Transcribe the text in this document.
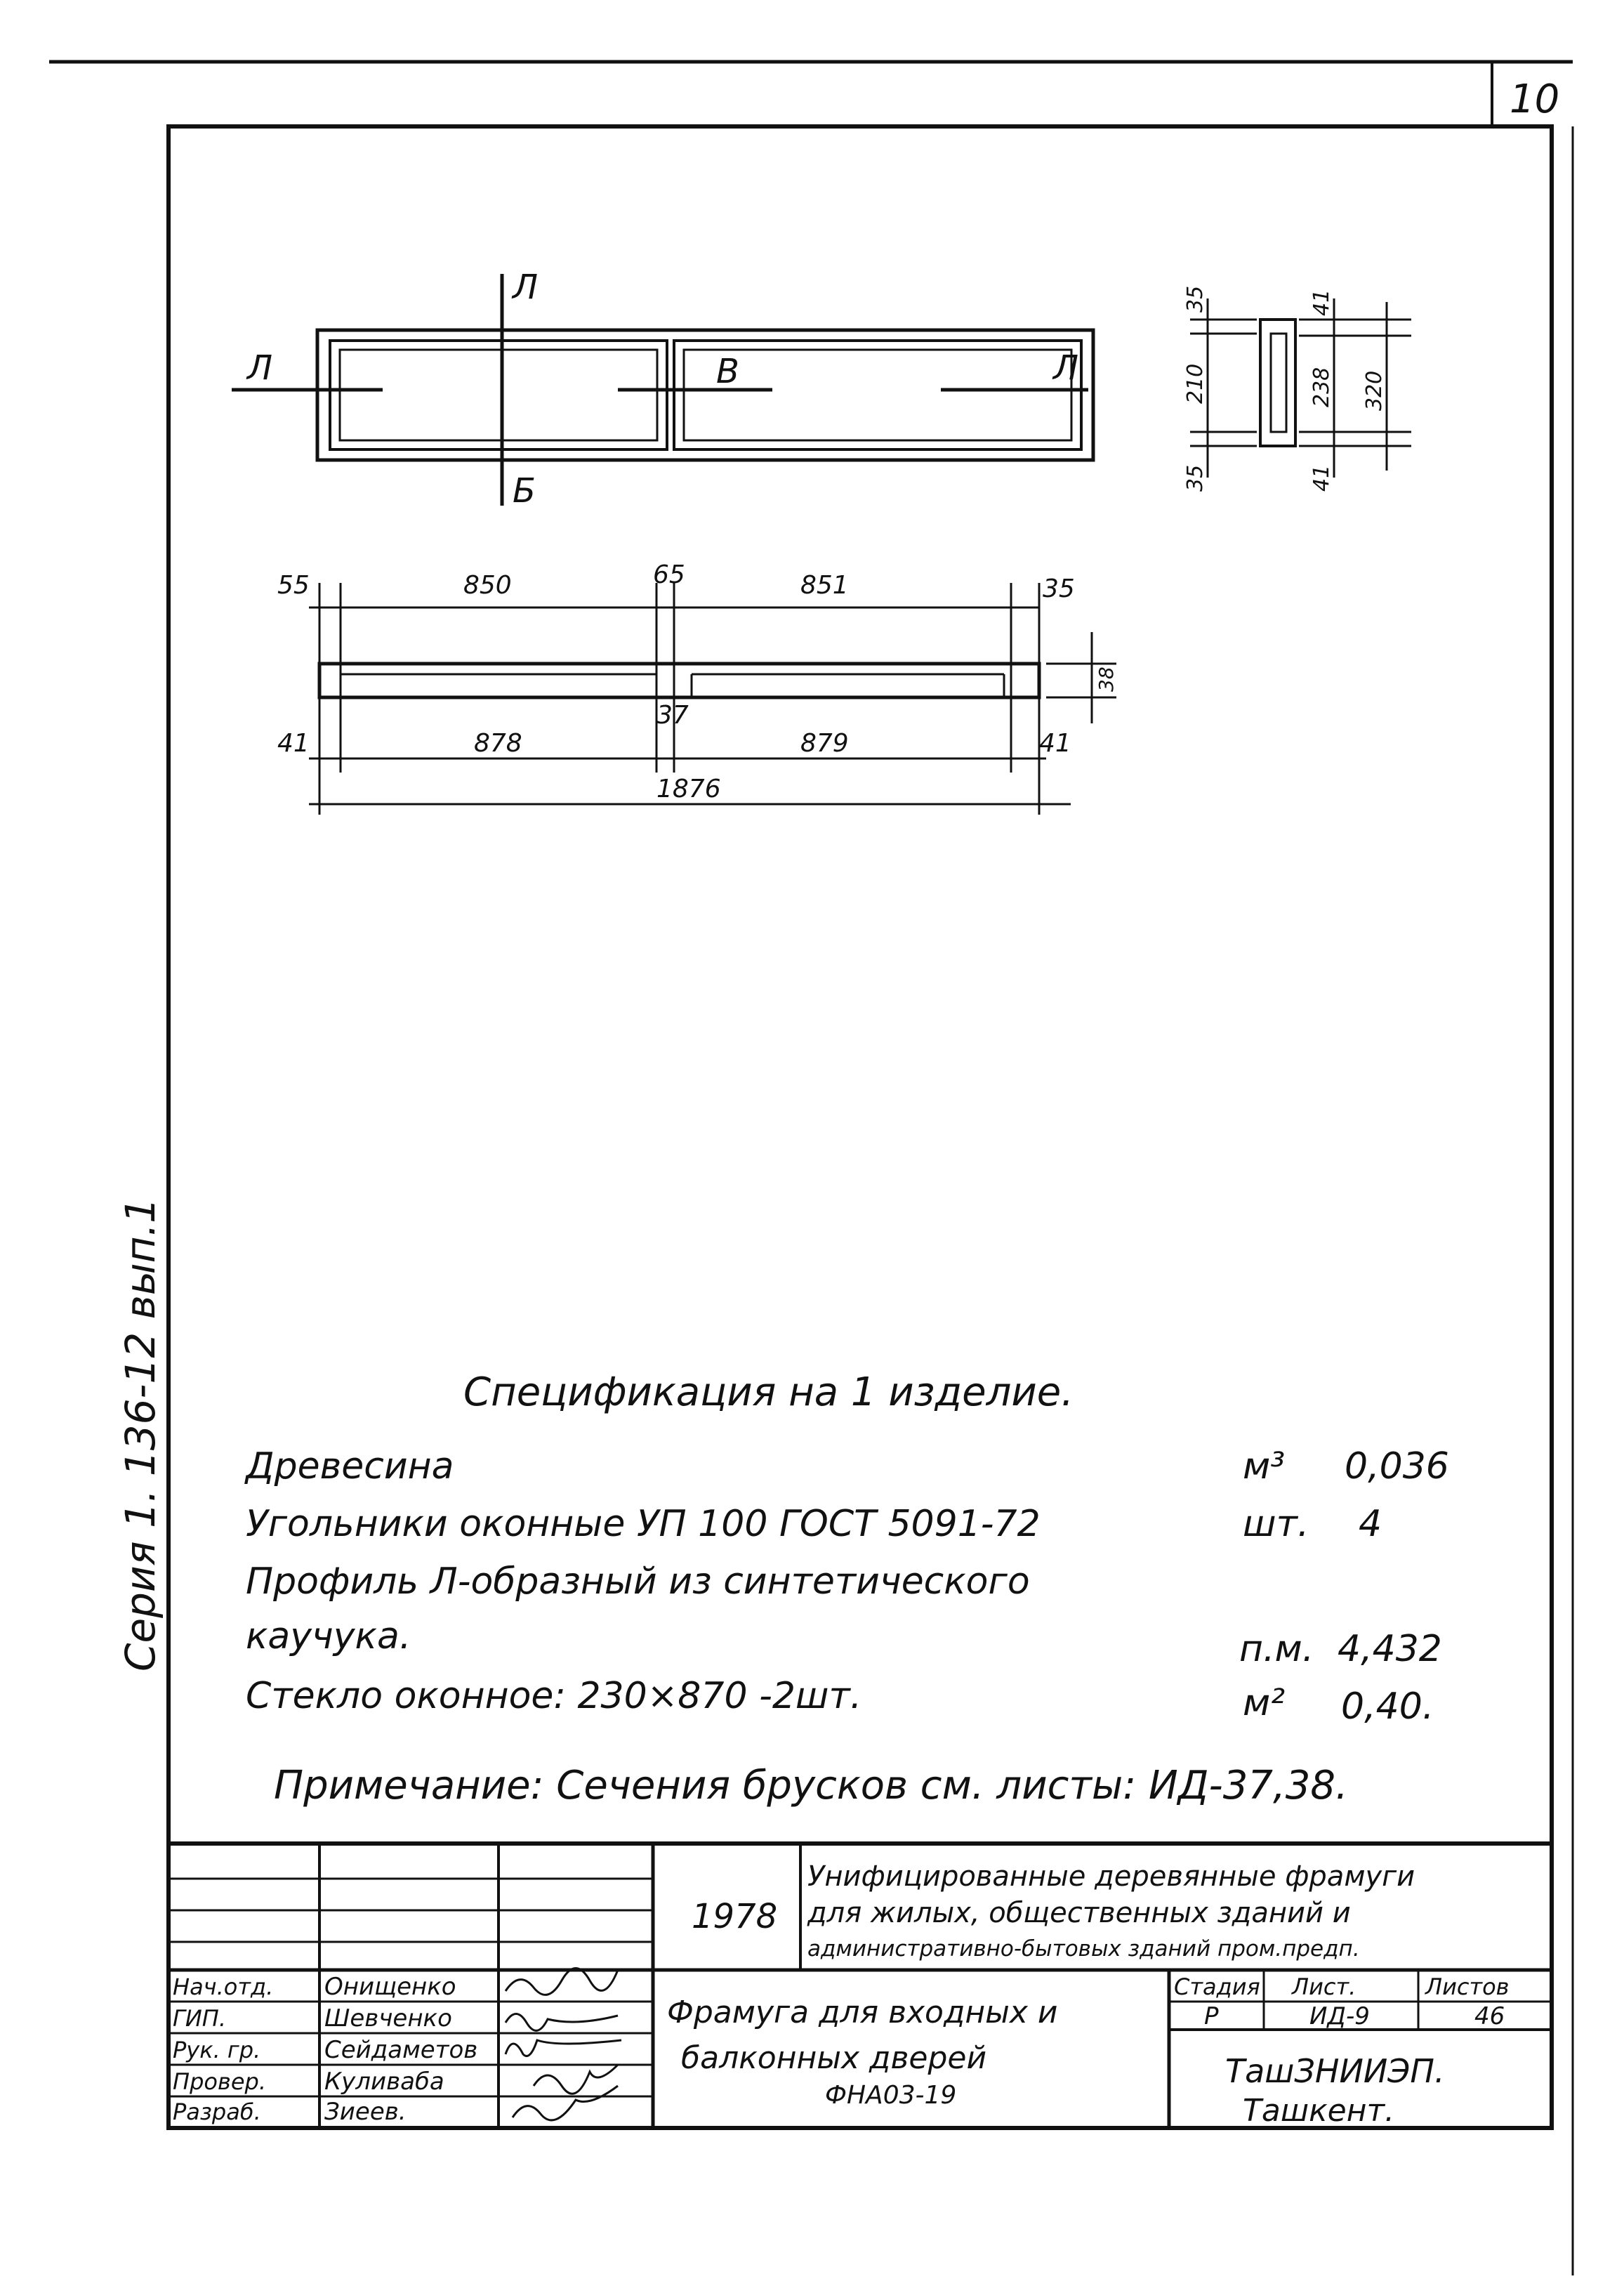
10
Серия 1. 136-12 вып.1
Л	Л
Л
Б
В
35
210
35
41
238 320
41
55	850	65	851	35
38
41	878
37
879	41
1876
1978
Унифицированные деревянные фрамуги
для жилых, общественных зданий и
административно-бытовых зданий пром.предп.
Нач.отд. Онищенко
ГИП.	Шевченко
Рук. гр.	Сейдаметов
Провер. Куливаба
Разраб.	Зиеев.
Фрамуга для входных и
балконных дверей
ФНА03-19
Стадия Лист.	Листов
Р	ИД-9	46
ТашЗНИИЭП.
Ташкент.
Спецификация на 1 изделие.
Древесина	м³ 0,036
Угольники оконные УП 100 ГОСТ 5091-72	шт. 4
Профиль Л-образный из синтетического
каучука.	п.м. 4,432
Стекло оконное: 230×870 -2шт.	м² 0,40.
Примечание: Сечения брусков см. листы: ИД-37,38.
